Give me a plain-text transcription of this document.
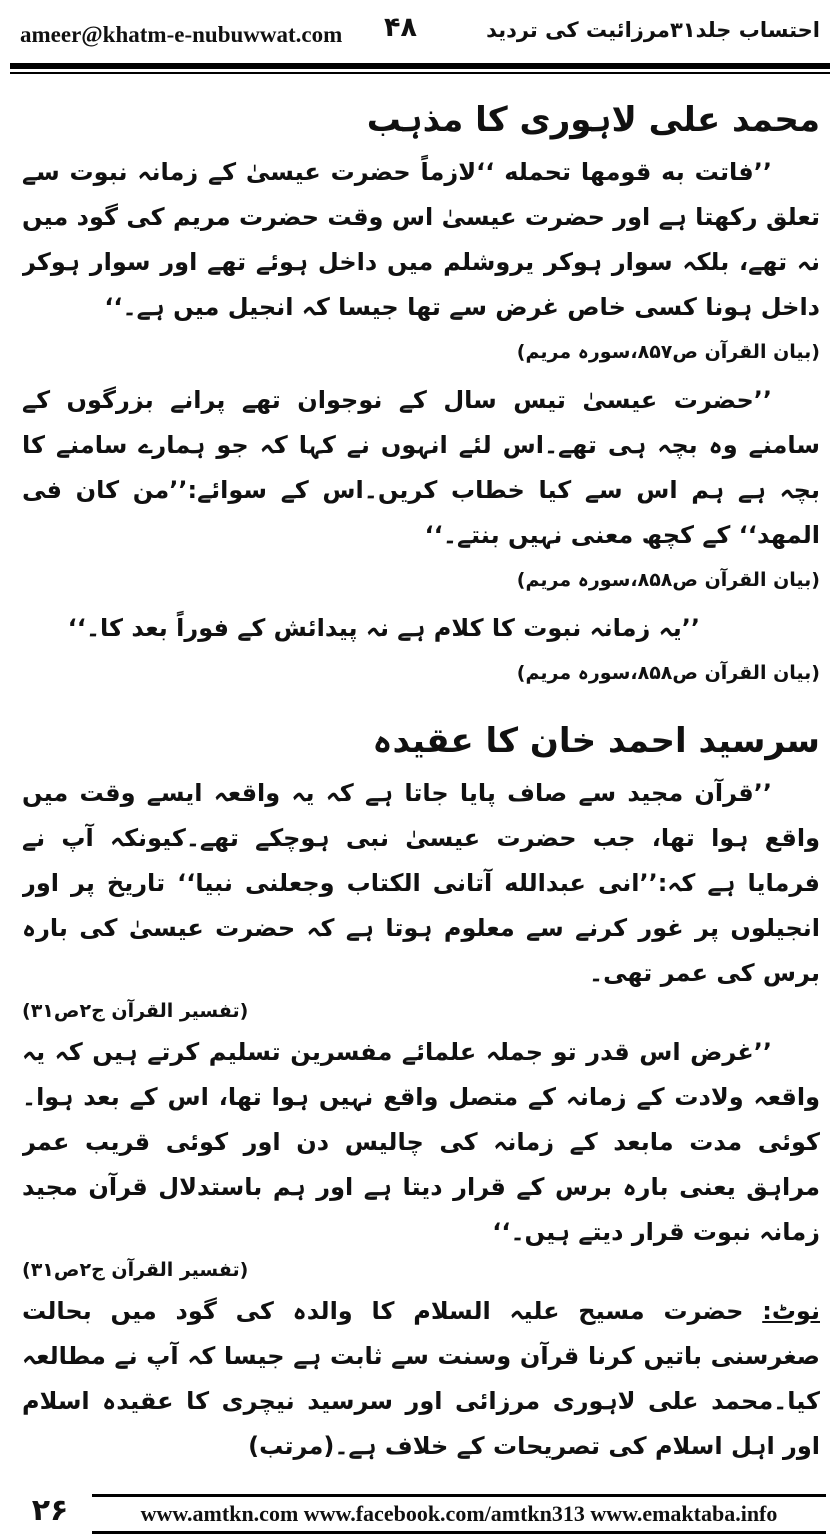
ameer@khatm-e-nubuwwat.com ۴۸	احتساب جلد۳۱مرزائیت کی تردید
محمد علی لاہوری کا مذہب

’’فاتت به قومها تحمله ‘‘لازماً حضرت عیسیٰ کے زمانہ نبوت سے تعلق رکھتا ہے اور حضرت عیسیٰ اس وقت حضرت مریم کی گود میں نہ تھے، بلکہ سوار ہوکر یروشلم میں داخل ہوئے تھے اور سوار ہوکر داخل ہونا کسی خاص غرض سے تھا جیسا کہ انجیل میں ہے۔‘‘

(بیان القرآن ص۸۵۷،سورہ مریم)

’’حضرت عیسیٰ تیس سال کے نوجوان تھے پرانے بزرگوں کے سامنے وہ بچہ ہی تھے۔اس لئے انہوں نے کہا کہ جو ہمارے سامنے کا بچہ ہے ہم اس سے کیا خطاب کریں۔اس کے سوائے:’’من کان فی المهد‘‘ کے کچھ معنی نہیں بنتے۔‘‘

(بیان القرآن ص۸۵۸،سورہ مریم)

’’یہ زمانہ نبوت کا کلام ہے نہ پیدائش کے فوراً بعد کا۔‘‘

(بیان القرآن ص۸۵۸،سورہ مریم)
سرسید احمد خان کا عقیدہ

’’قرآن مجید سے صاف پایا جاتا ہے کہ یہ واقعہ ایسے وقت میں واقع ہوا تھا، جب حضرت عیسیٰ نبی ہوچکے تھے۔کیونکہ آپ نے فرمایا ہے کہ:’’انی عبدالله آتانی الکتاب وجعلنی نبیا‘‘ تاریخ پر اور انجیلوں پر غور کرنے سے معلوم ہوتا ہے کہ حضرت عیسیٰ کی بارہ برس کی عمر تھی۔

(تفسیر القرآن ج۲ص۳۱)

’’غرض اس قدر تو جملہ علمائے مفسرین تسلیم کرتے ہیں کہ یہ واقعہ ولادت کے زمانہ کے متصل واقع نہیں ہوا تھا، اس کے بعد ہوا۔کوئی مدت مابعد کے زمانہ کی چالیس دن اور کوئی قریب عمر مراہق یعنی بارہ برس کے قرار دیتا ہے اور ہم باستدلال قرآن مجید زمانہ نبوت قرار دیتے ہیں۔‘‘

(تفسیر القرآن ج۲ص۳۱)

نوٹ: حضرت مسیح علیہ السلام کا والدہ کی گود میں بحالت صغرسنی باتیں کرنا قرآن وسنت سے ثابت ہے جیسا کہ آپ نے مطالعہ کیا۔محمد علی لاہوری مرزائی اور سرسید نیچری کا عقیدہ اسلام اور اہل اسلام کی تصریحات کے خلاف ہے۔(مرتب)

۲۶	www.amtkn.com www.facebook.com/amtkn313 www.emaktaba.info
